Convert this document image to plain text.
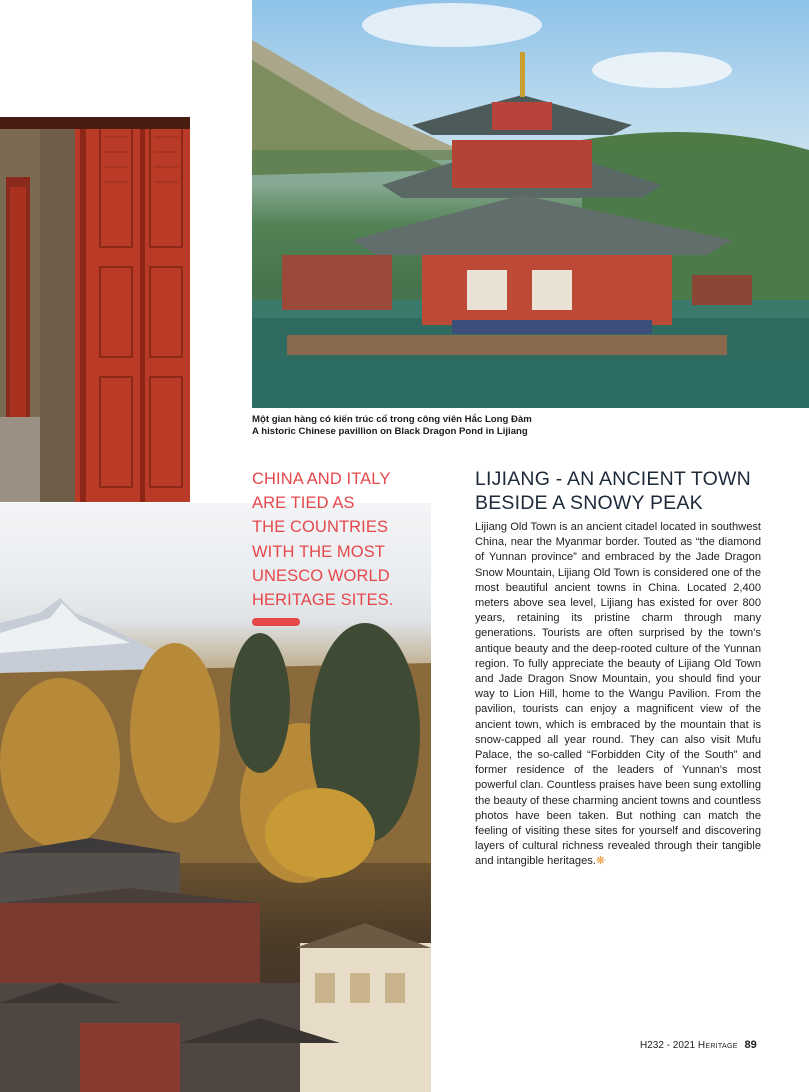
Một gian hàng có kiến trúc cổ trong công viên Hắc Long Đàm
A historic Chinese pavillion on Black Dragon Pond in Lijiang
CHINA AND ITALY
ARE TIED AS
THE COUNTRIES
WITH THE MOST
UNESCO WORLD
HERITAGE SITES.
LIJIANG - AN ANCIENT TOWN
BESIDE A SNOWY PEAK
Lijiang Old Town is an ancient citadel located in southwest China, near the Myanmar border. Touted as “the diamond of Yunnan province” and embraced by the Jade Dragon Snow Mountain, Lijiang Old Town is considered one of the most beautiful ancient towns in China. Located 2,400 meters above sea level, Lijiang has existed for over 800 years, retaining its pristine charm through many generations. Tourists are often surprised by the town’s antique beauty and the deep-rooted culture of the Yunnan region. To fully appreciate the beauty of Lijiang Old Town and Jade Dragon Snow Mountain, you should find your way to Lion Hill, home to the Wangu Pavilion. From the pavilion, tourists can enjoy a magnificent view of the ancient town, which is embraced by the mountain that is snow-capped all year round. They can also visit Mufu Palace, the so-called “Forbidden City of the South” and former residence of the leaders of Yunnan’s most powerful clan. Countless praises have been sung extolling the beauty of these charming ancient towns and countless photos have been taken. But nothing can match the feeling of visiting these sites for yourself and discovering layers of cultural richness revealed through their tangible and intangible heritages.❋
H232 - 2021 Heritage 89
